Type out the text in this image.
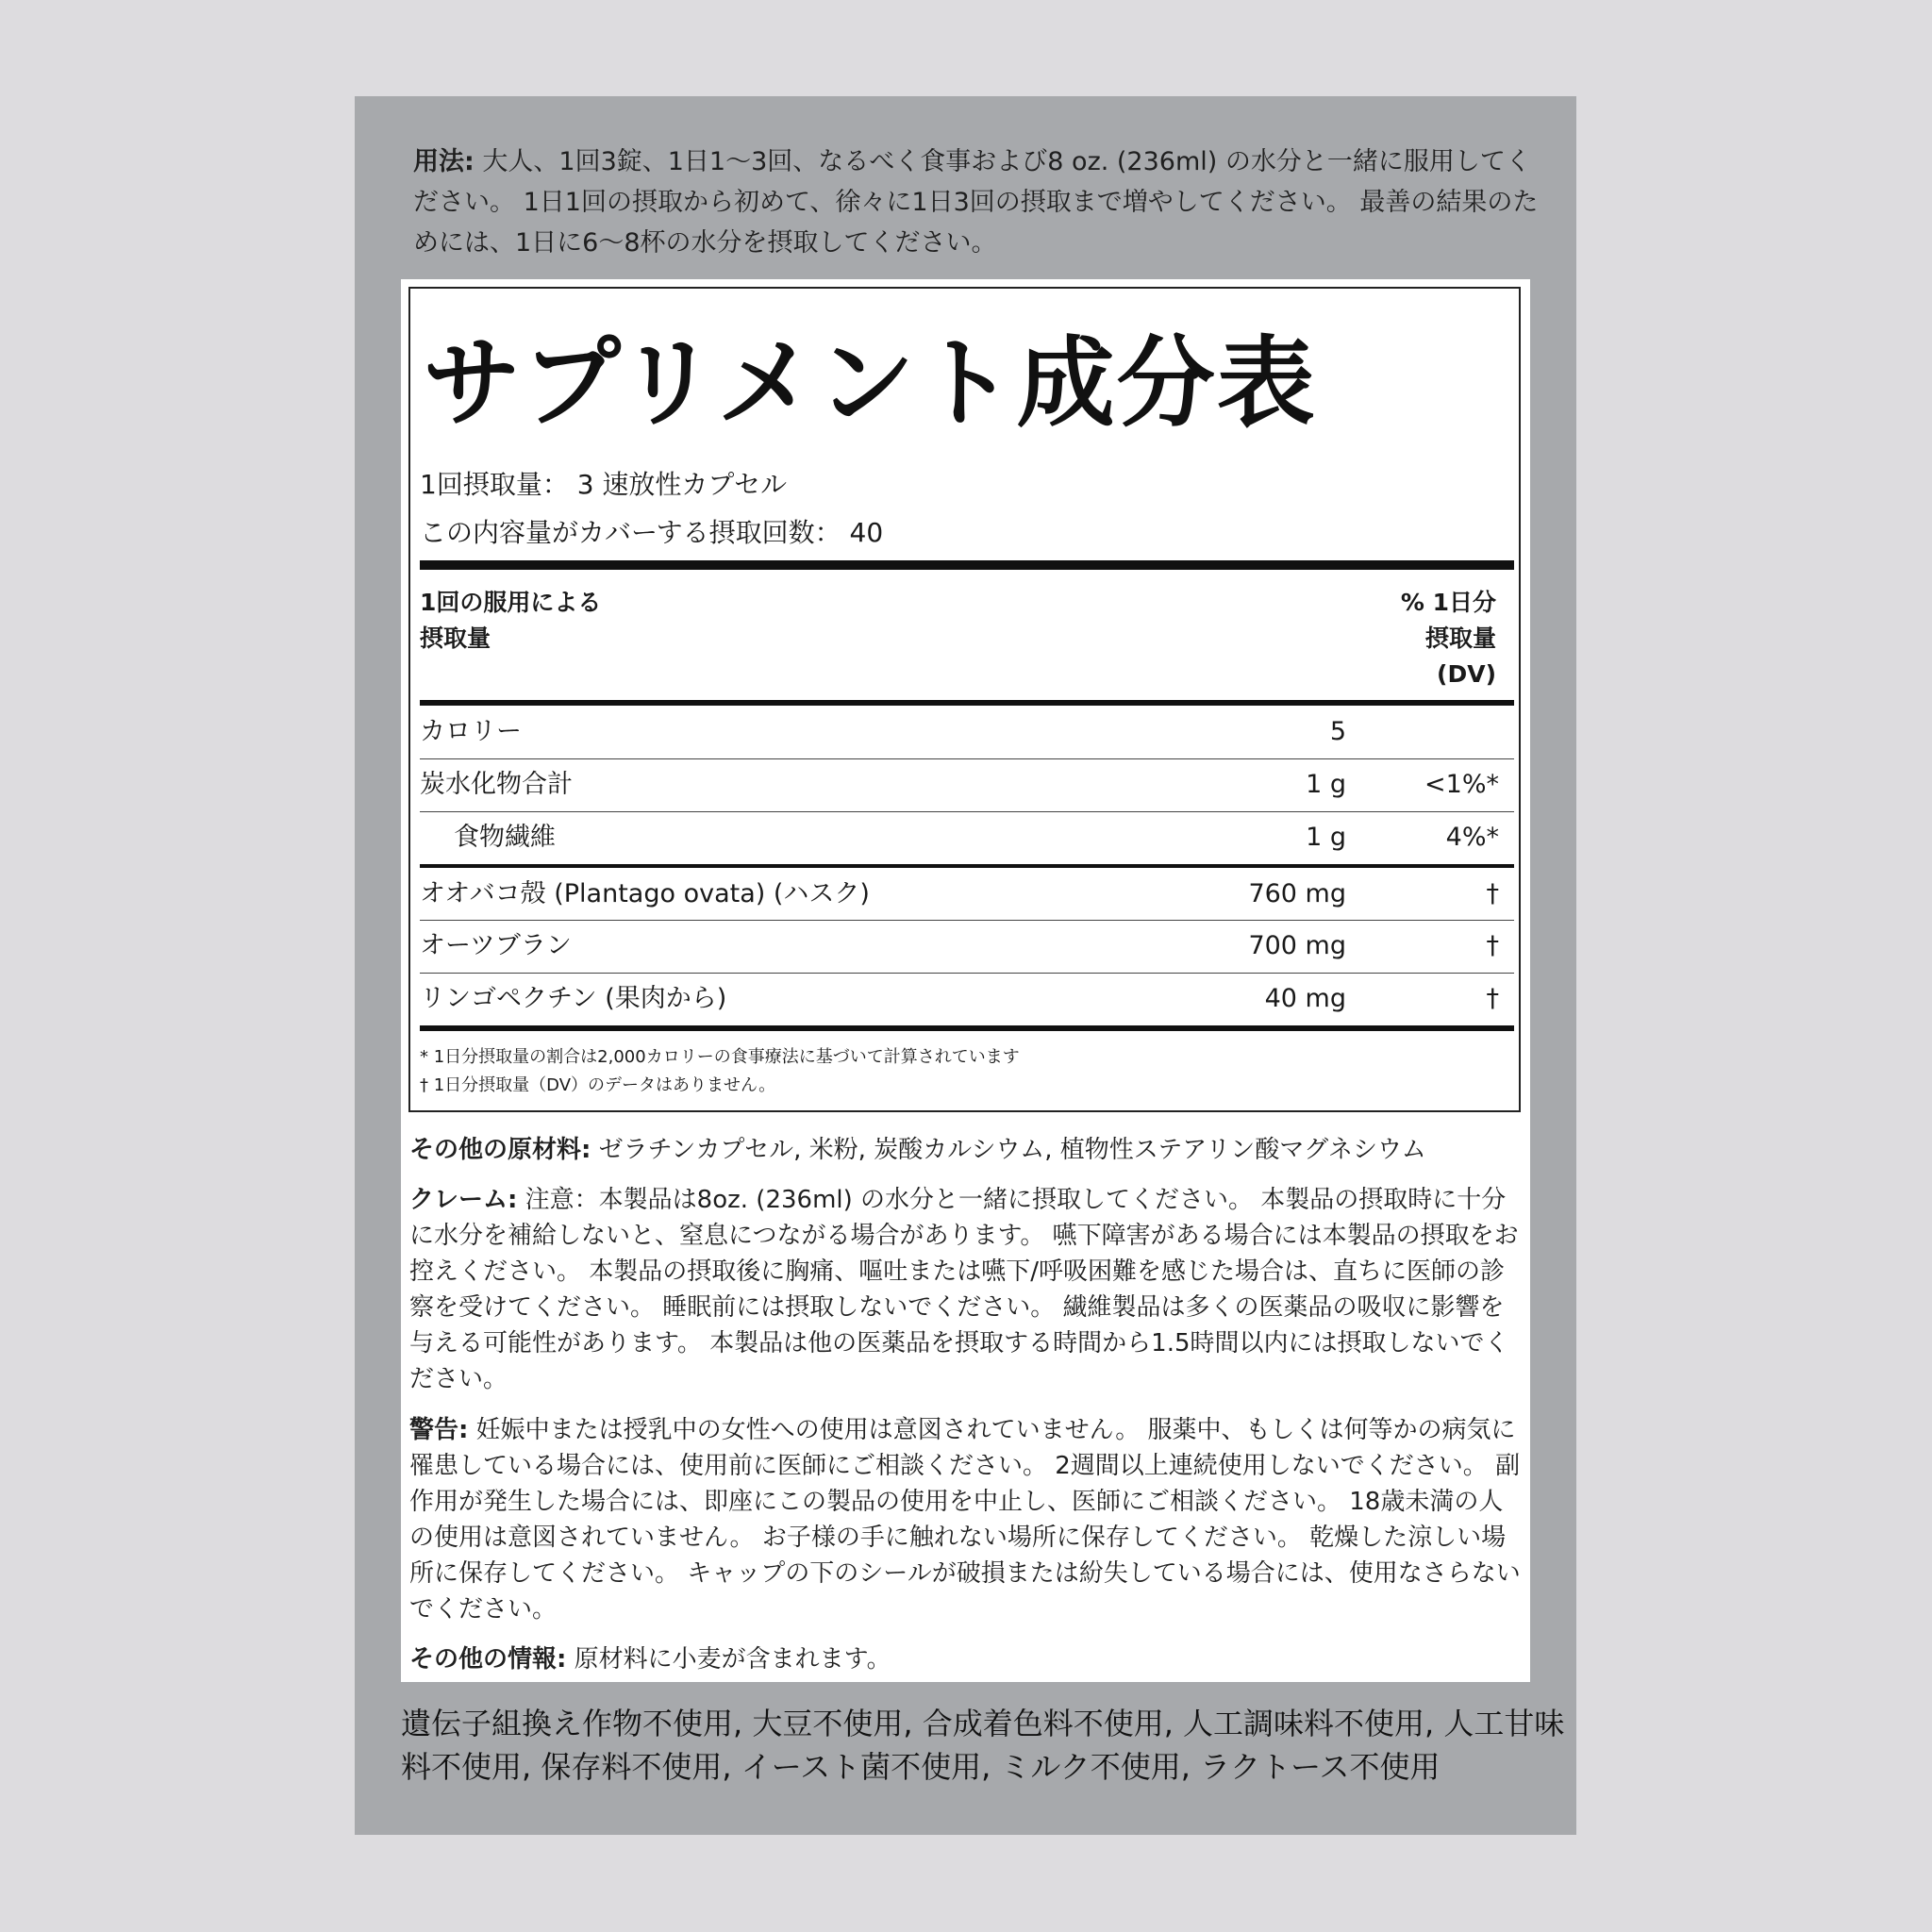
用法: 大人、1回3錠、1日1〜3回、なるべく食事および8 oz. (236ml) の水分と一緒に服用してください。 1日1回の摂取から初めて、徐々に1日3回の摂取まで増やしてください。 最善の結果のためには、1日に6〜8杯の水分を摂取してください。
サプリメント成分表
1回摂取量： 3 速放性カプセル
この内容量がカバーする摂取回数： 40
1回の服用による
摂取量
% 1日分
摂取量
(DV)
カロリー	5
炭水化物合計	1 g	<1%*
食物繊維	1 g	4%*
オオバコ殻 (Plantago ovata) (ハスク)	760 mg	†
オーツブラン	700 mg	†
リンゴペクチン (果肉から)	40 mg	†
* 1日分摂取量の割合は2,000カロリーの食事療法に基づいて計算されています
† 1日分摂取量（DV）のデータはありません。
その他の原材料: ゼラチンカプセル, 米粉, 炭酸カルシウム, 植物性ステアリン酸マグネシウム
クレーム: 注意：本製品は8oz. (236ml) の水分と一緒に摂取してください。 本製品の摂取時に十分に水分を補給しないと、窒息につながる場合があります。 嚥下障害がある場合には本製品の摂取をお控えください。 本製品の摂取後に胸痛、嘔吐または嚥下/呼吸困難を感じた場合は、直ちに医師の診察を受けてください。 睡眠前には摂取しないでください。 繊維製品は多くの医薬品の吸収に影響を与える可能性があります。 本製品は他の医薬品を摂取する時間から1.5時間以内には摂取しないでください。
警告: 妊娠中または授乳中の女性への使用は意図されていません。 服薬中、もしくは何等かの病気に罹患している場合には、使用前に医師にご相談ください。 2週間以上連続使用しないでください。 副作用が発生した場合には、即座にこの製品の使用を中止し、医師にご相談ください。 18歳未満の人の使用は意図されていません。 お子様の手に触れない場所に保存してください。 乾燥した涼しい場所に保存してください。 キャップの下のシールが破損または紛失している場合には、使用なさらないでください。
その他の情報: 原材料に小麦が含まれます。
遺伝子組換え作物不使用, 大豆不使用, 合成着色料不使用, 人工調味料不使用, 人工甘味料不使用, 保存料不使用, イースト菌不使用, ミルク不使用, ラクトース不使用
